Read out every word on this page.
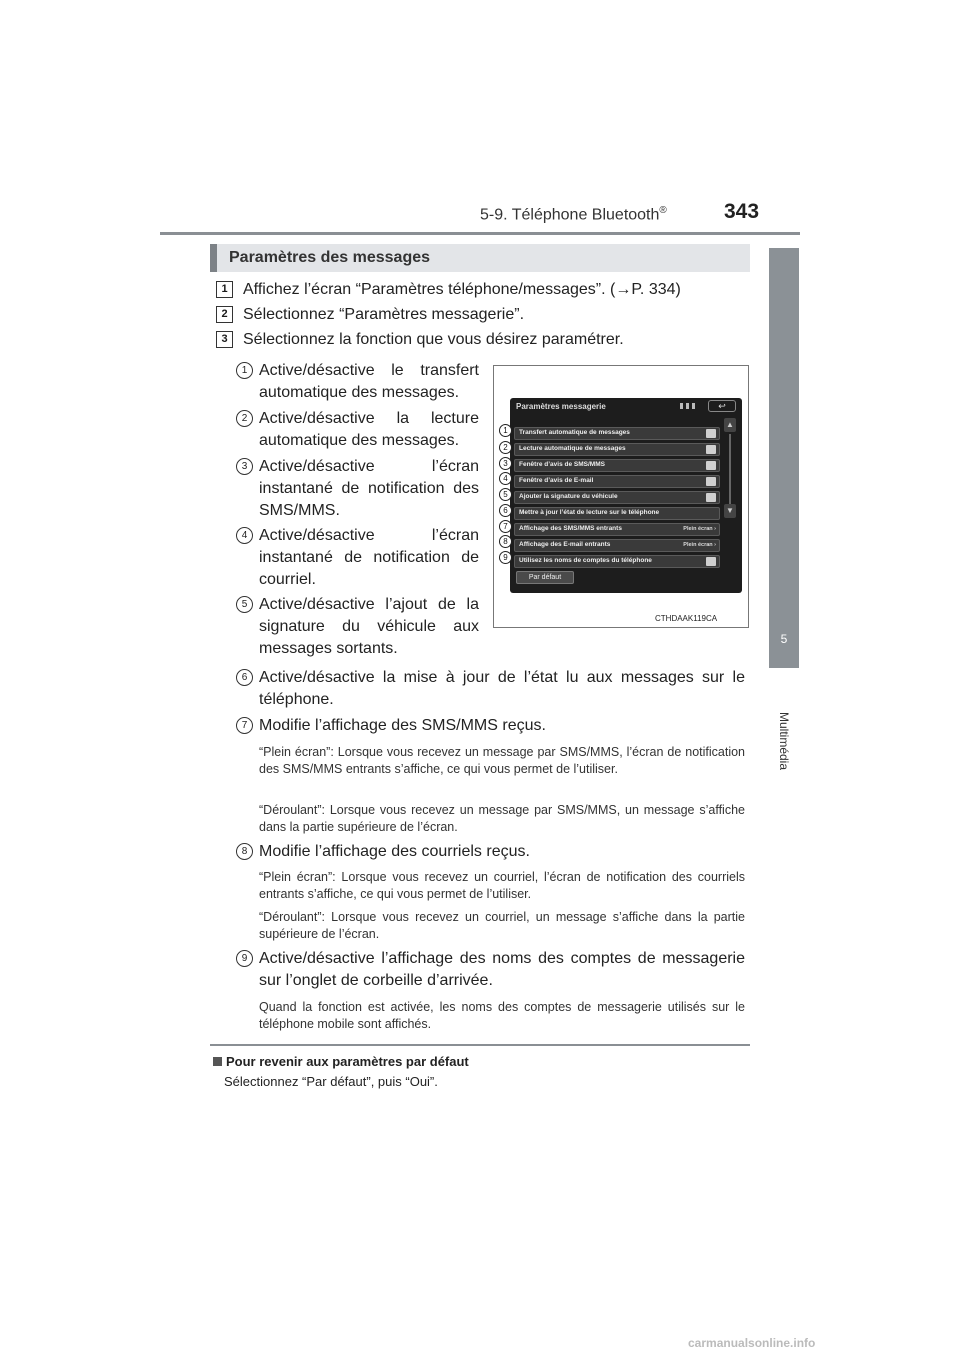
5-9. Téléphone Bluetooth®	343
5
Multimédia
Paramètres des messages
1 Affichez l’écran “Paramètres téléphone/messages”. (→P. 334)
2 Sélectionnez “Paramètres messagerie”.
3 Sélectionnez la fonction que vous désirez paramétrer.
1 Active/désactive le transfert automatique des messages.
2 Active/désactive la lecture automatique des messages.
3 Active/désactive l’écran instantané de notification des SMS/MMS.
4 Active/désactive l’écran instantané de notification de courriel.
5 Active/désactive l’ajout de la signature du véhicule aux messages sortants.
6 Active/désactive la mise à jour de l’état lu aux messages sur le téléphone.
7 Modifie l’affichage des SMS/MMS reçus.
“Plein écran”: Lorsque vous recevez un message par SMS/MMS, l’écran de notification des SMS/MMS entrants s’affiche, ce qui vous permet de l’utiliser.
“Déroulant”: Lorsque vous recevez un message par SMS/MMS, un message s’affiche dans la partie supérieure de l’écran.
8 Modifie l’affichage des courriels reçus.
“Plein écran”: Lorsque vous recevez un courriel, l’écran de notification des courriels entrants s’affiche, ce qui vous permet de l’utiliser.
“Déroulant”: Lorsque vous recevez un courriel, un message s’affiche dans la partie supérieure de l’écran.
9 Active/désactive l’affichage des noms des comptes de messagerie sur l’onglet de corbeille d’arrivée.
Quand la fonction est activée, les noms des comptes de messagerie utilisés sur le téléphone mobile sont affichés.
Paramètres messagerie	↩
Transfert automatique de messages
Lecture automatique de messages
Fenêtre d’avis de SMS/MMS
Fenêtre d’avis de E-mail
Ajouter la signature du véhicule
Mettre à jour l’état de lecture sur le téléphone
Affichage des SMS/MMS entrants	Plein écran ›
Affichage des E-mail entrants	Plein écran ›
Utilisez les noms de comptes du téléphone
▲
▼
Par défaut
1
2
3
4
5
6
7
8
9
CTHDAAK119CA
Pour revenir aux paramètres par défaut
Sélectionnez “Par défaut”, puis “Oui”.
carmanualsonline.info
